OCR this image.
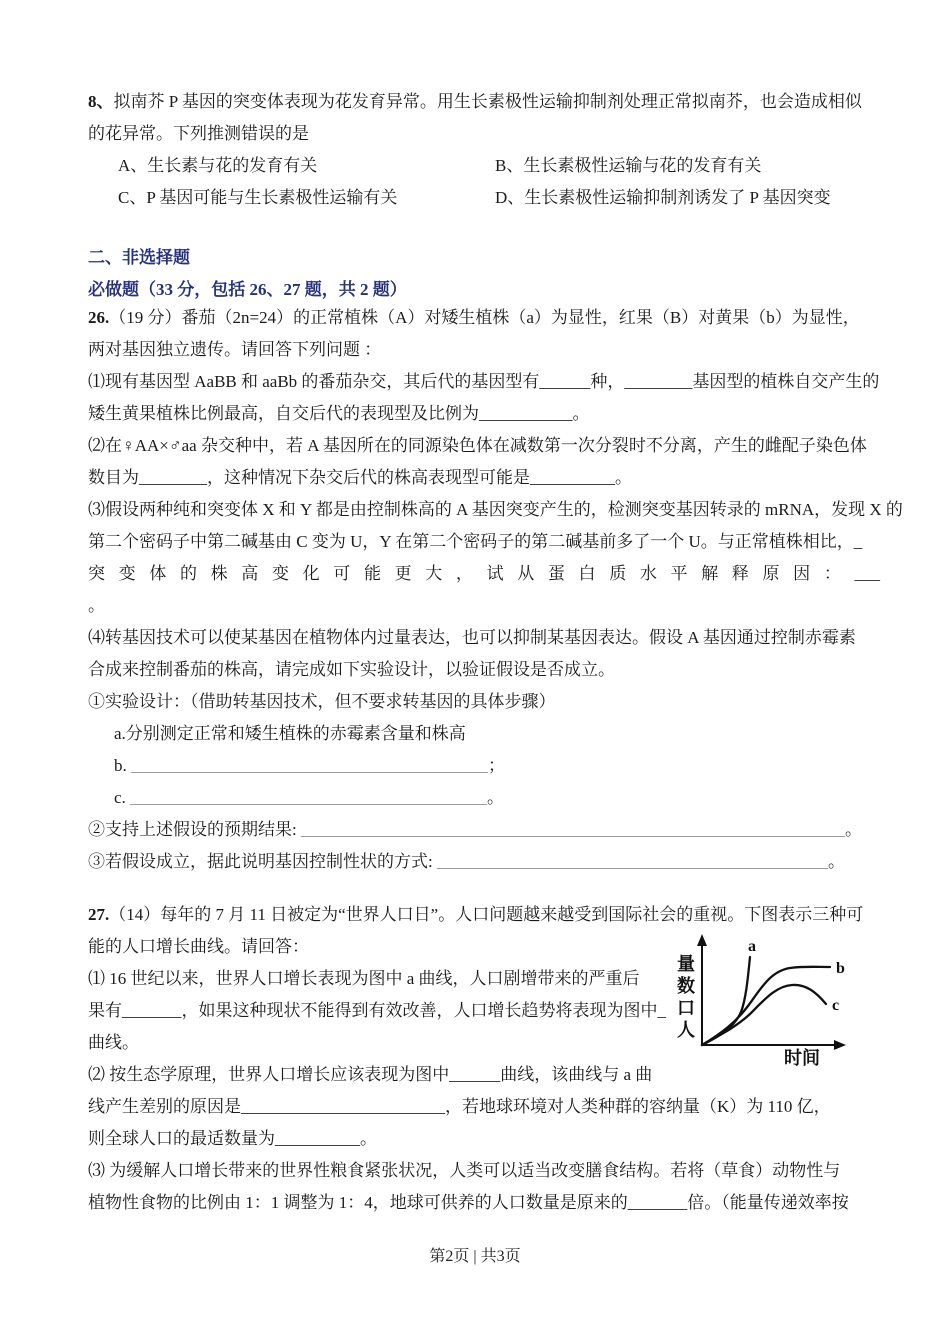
8、拟南芥 P 基因的突变体表现为花发育异常。用生长素极性运输抑制剂处理正常拟南芥，也会造成相似
的花异常。下列推测错误的是
A、生长素与花的发育有关	B、生长素极性运输与花的发育有关
C、P 基因可能与生长素极性运输有关	D、生长素极性运输抑制剂诱发了 P 基因突变
二、非选择题
必做题（33 分，包括 26、27 题，共 2 题）
26.（19 分）番茄（2n=24）的正常植株（A）对矮生植株（a）为显性，红果（B）对黄果（b）为显性，
两对基因独立遗传。请回答下列问题 ：
⑴现有基因型 AaBB 和 aaBb 的番茄杂交，其后代的基因型有______种，________基因型的植株自交产生的
矮生黄果植株比例最高，自交后代的表现型及比例为___________。
⑵在♀AA×♂aa 杂交种中，若 A 基因所在的同源染色体在减数第一次分裂时不分离，产生的雌配子染色体
数目为________，这种情况下杂交后代的株高表现型可能是__________。
⑶假设两种纯和突变体 X 和 Y 都是由控制株高的 A 基因突变产生的，检测突变基因转录的 mRNA，发现 X 的
第二个密码子中第二碱基由 C 变为 U，Y 在第二个密码子的第二碱基前多了一个 U。与正常植株相比，_
突 变 体 的 株 高 变 化 可 能 更 大 ， 试 从 蛋 白 质 水 平 解 释 原 因 ： ___
。
⑷转基因技术可以使某基因在植物体内过量表达，也可以抑制某基因表达。假设 A 基因通过控制赤霉素
合成来控制番茄的株高，请完成如下实验设计，以验证假设是否成立。
①实验设计：（借助转基因技术，但不要求转基因的具体步骤）
a.分别测定正常和矮生植株的赤霉素含量和株高
b. __________________________________________；
c. __________________________________________。
②支持上述假设的预期结果: ________________________________________________________________。
③若假设成立，据此说明基因控制性状的方式: ______________________________________________。
27.（14）每年的 7 月 11 日被定为“世界人口日”。人口问题越来越受到国际社会的重视。下图表示三种可
能的人口增长曲线。请回答：
⑴ 16 世纪以来，世界人口增长表现为图中 a 曲线，人口剧增带来的严重后
果有_______，如果这种现状不能得到有效改善，人口增长趋势将表现为图中_
曲线。
⑵ 按生态学原理，世界人口增长应该表现为图中______曲线，该曲线与 a 曲
线产生差别的原因是________________________，若地球环境对人类种群的容纳量（K）为 110 亿，
则全球人口的最适数量为__________。
⑶ 为缓解人口增长带来的世界性粮食紧张状况，人类可以适当改变膳食结构。若将（草食）动物性与
植物性食物的比例由 1：1 调整为 1：4，地球可供养的人口数量是原来的_______倍。（能量传递效率按
a
b
c
量
数
口
人
时间
第2页 | 共3页
